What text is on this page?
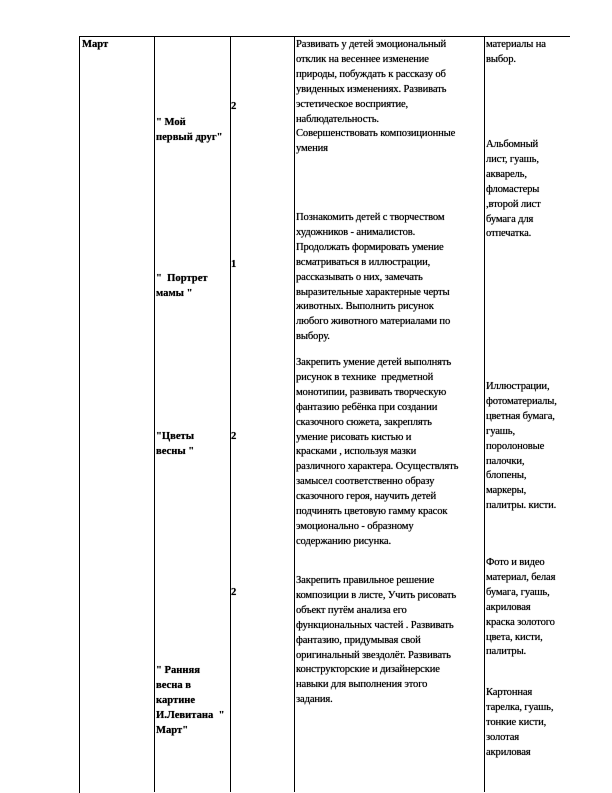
Март
" Мой
первый друг"
"  Портрет
мамы "
"Цветы
весны "
" Ранняя
весна в
картине
И.Левитана  "
Март"
2
1
2
2
Развивать у детей эмоциональный
отклик на весеннее изменение
природы, побуждать к рассказу об
увиденных изменениях. Развивать
эстетическое восприятие,
наблюдательность.
Совершенствовать композиционные
умения
Познакомить детей с творчеством
художников - анималистов.
Продолжать формировать умение
всматриваться в иллюстрации,
рассказывать о них, замечать
выразительные характерные черты
животных. Выполнить рисунок
любого животного материалами по
выбору.
Закрепить умение детей выполнять
рисунок в технике  предметной
монотипии, развивать творческую
фантазию ребёнка при создании
сказочного сюжета, закреплять
умение рисовать кистью и
красками , используя мазки
различного характера. Осуществлять
замысел соответственно образу
сказочного героя, научить детей
подчинять цветовую гамму красок
эмоционально - образному
содержанию рисунка.
Закрепить правильное решение
композиции в листе, Учить рисовать
объект путём анализа его
функциональных частей . Развивать
фантазию, придумывая свой
оригинальный звездолёт. Развивать
конструкторские и дизайнерские
навыки для выполнения этого
задания.
материалы на
выбор.
Альбомный
лист, гуашь,
акварель,
фломастеры
,второй лист
бумага для
отпечатка.
Иллюстрации,
фотоматериалы,
цветная бумага,
гуашь,
поролоновые
палочки,
блопены,
маркеры,
палитры. кисти.
Фото и видео
материал, белая
бумага, гуашь,
акриловая
краска золотого
цвета, кисти,
палитры.
Картонная
тарелка, гуашь,
тонкие кисти,
золотая
акриловая
